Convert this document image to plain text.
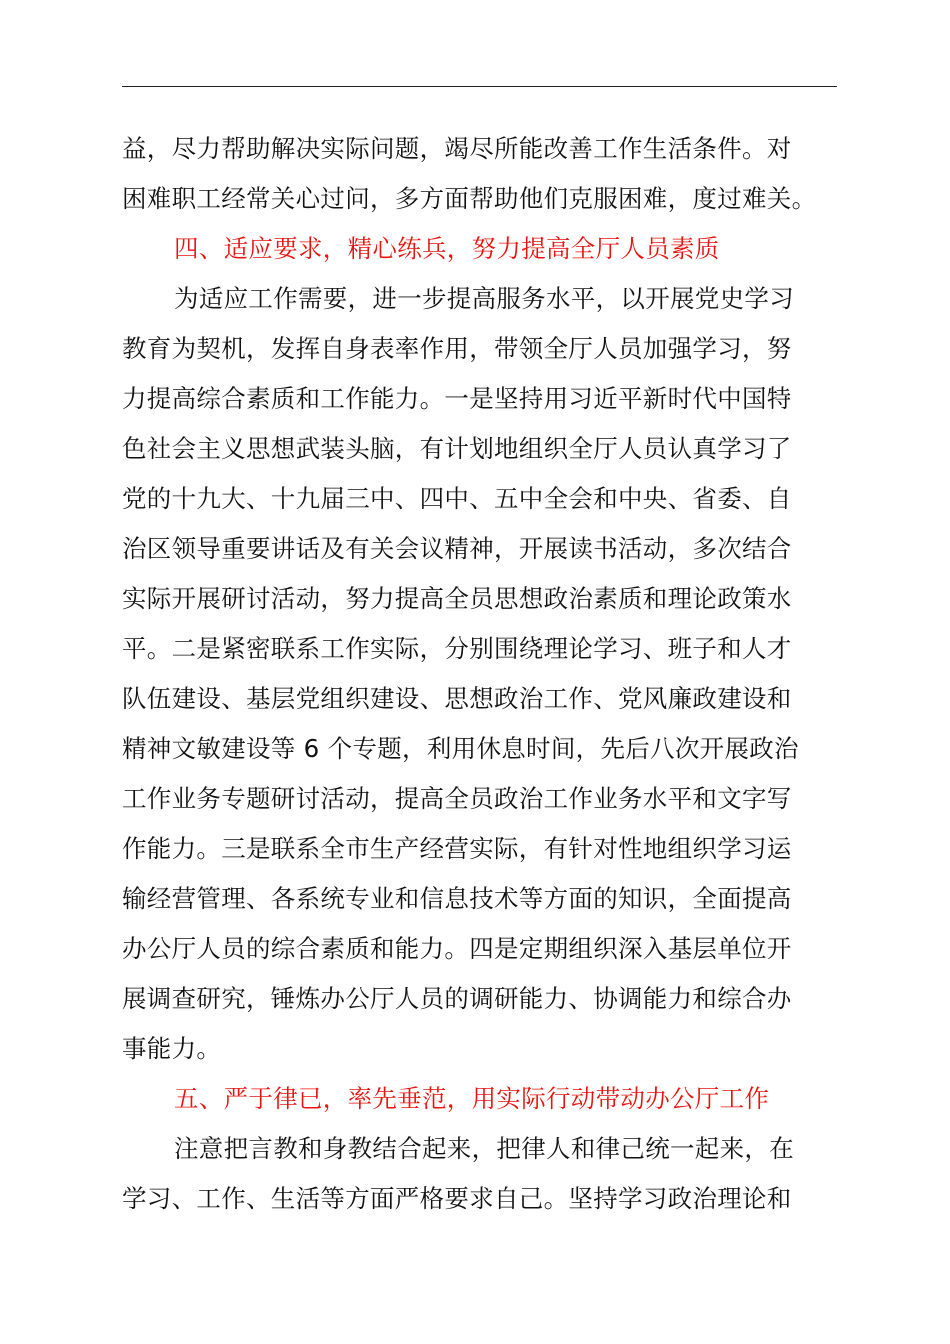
益，尽力帮助解决实际问题，竭尽所能改善工作生活条件。对
困难职工经常关心过问，多方面帮助他们克服困难，度过难关。
四、适应要求，精心练兵，努力提高全厅人员素质
为适应工作需要，进一步提高服务水平，以开展党史学习
教育为契机，发挥自身表率作用，带领全厅人员加强学习，努
力提高综合素质和工作能力。一是坚持用习近平新时代中国特
色社会主义思想武装头脑，有计划地组织全厅人员认真学习了
党的十九大、十九届三中、四中、五中全会和中央、省委、自
治区领导重要讲话及有关会议精神，开展读书活动，多次结合
实际开展研讨活动，努力提高全员思想政治素质和理论政策水
平。二是紧密联系工作实际，分别围绕理论学习、班子和人才
队伍建设、基层党组织建设、思想政治工作、党风廉政建设和
精神文敏建设等 6 个专题，利用休息时间，先后八次开展政治
工作业务专题研讨活动，提高全员政治工作业务水平和文字写
作能力。三是联系全市生产经营实际，有针对性地组织学习运
输经营管理、各系统专业和信息技术等方面的知识，全面提高
办公厅人员的综合素质和能力。四是定期组织深入基层单位开
展调查研究，锤炼办公厅人员的调研能力、协调能力和综合办
事能力。
五、严于律已，率先垂范，用实际行动带动办公厅工作
注意把言教和身教结合起来，把律人和律己统一起来，在
学习、工作、生活等方面严格要求自己。坚持学习政治理论和
